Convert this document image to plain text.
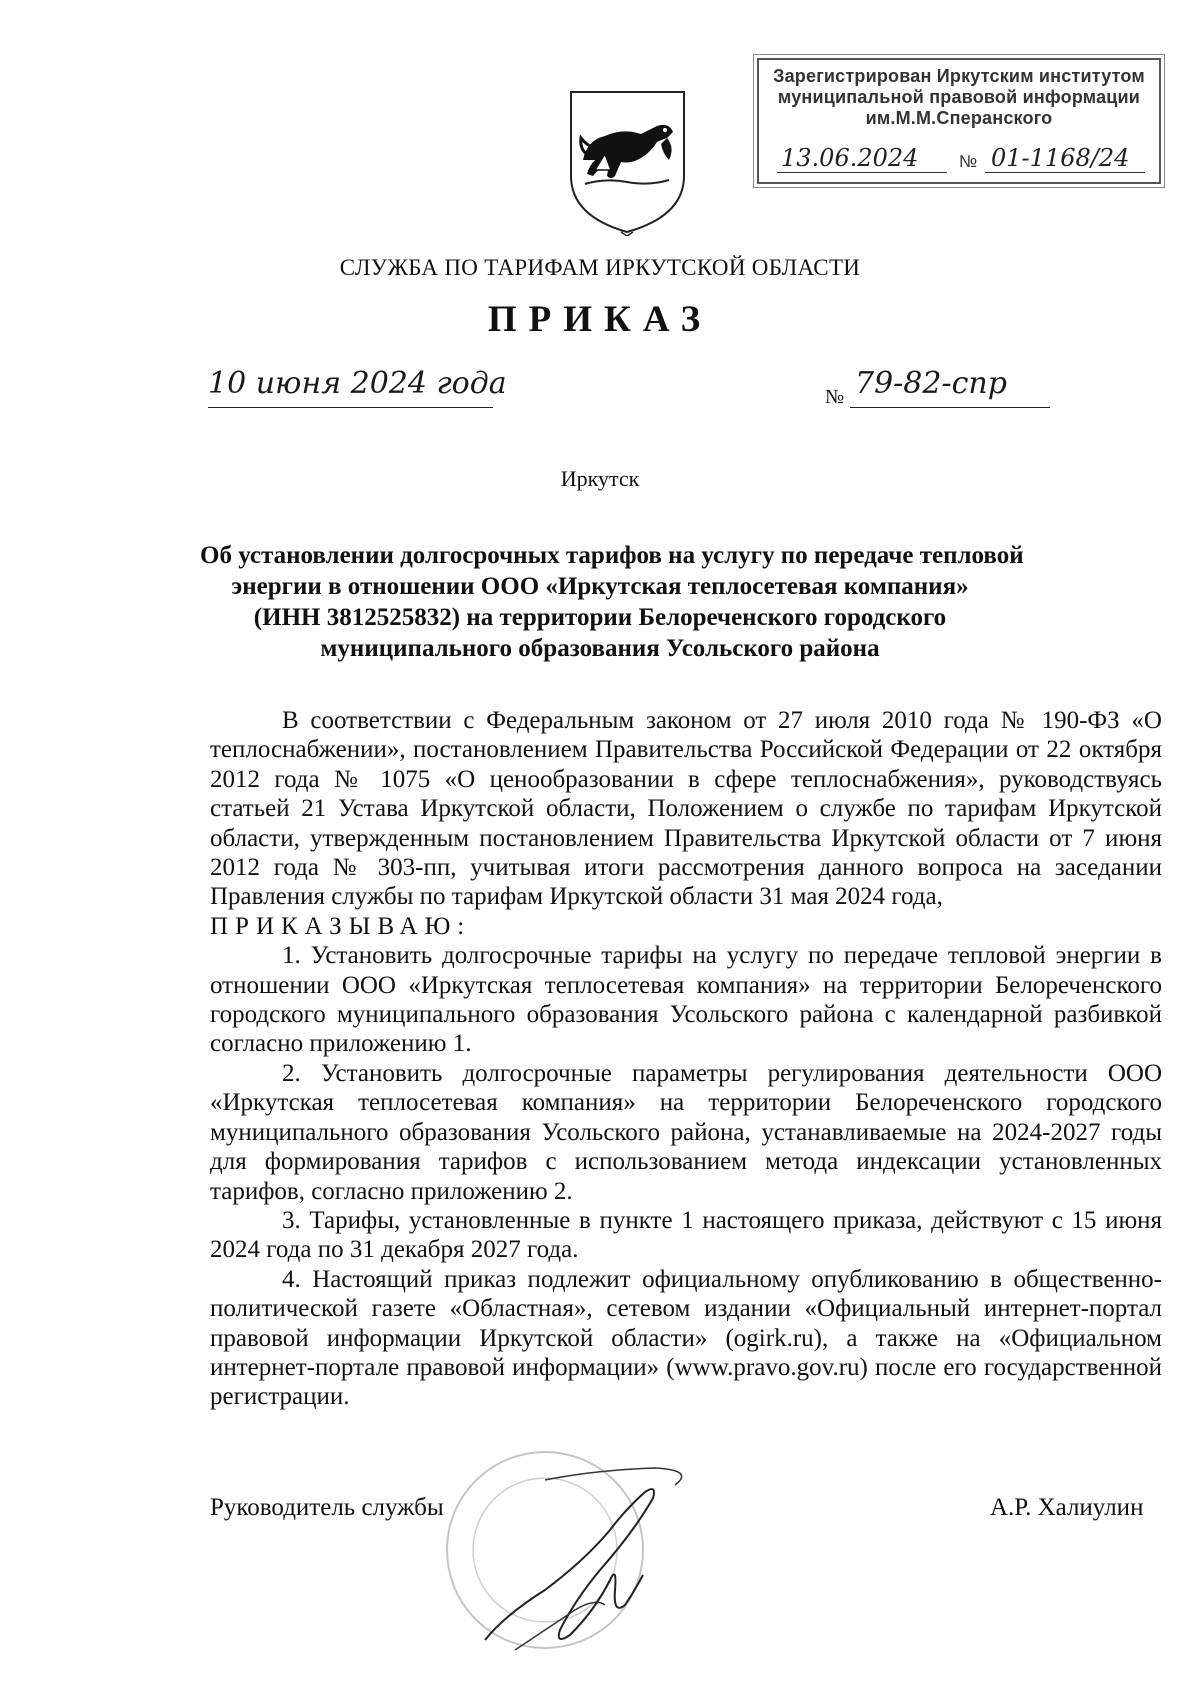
Зарегистрирован Иркутским институтом
муниципальной правовой информации
им.М.М.Сперанского
13.06.2024 № 01-1168/24
СЛУЖБА ПО ТАРИФАМ ИРКУТСКОЙ ОБЛАСТИ
ПРИКАЗ
10 июня 2024 года	№ 79-82-спр
Иркутск
Об установлении долгосрочных тарифов на услугу по передаче тепловой
энергии в отношении ООО «Иркутская теплосетевая компания»
(ИНН 3812525832) на территории Белореченского городского
муниципального образования Усольского района

В соответствии с Федеральным законом от 27 июля 2010 года № 190-ФЗ «О теплоснабжении», постановлением Правительства Российской Федерации от 22 октября 2012 года № 1075 «О ценообразовании в сфере теплоснабжения», руководствуясь статьей 21 Устава Иркутской области, Положением о службе по тарифам Иркутской области, утвержденным постановлением Правительства Иркутской области от 7 июня 2012 года № 303-пп, учитывая итоги рассмотрения данного вопроса на заседании Правления службы по тарифам Иркутской области 31 мая 2024 года,

ПРИКАЗЫВАЮ:

1. Установить долгосрочные тарифы на услугу по передаче тепловой энергии в отношении ООО «Иркутская теплосетевая компания» на территории Белореченского городского муниципального образования Усольского района с календарной разбивкой согласно приложению 1.

2. Установить долгосрочные параметры регулирования деятельности ООО «Иркутская теплосетевая компания» на территории Белореченского городского муниципального образования Усольского района, устанавливаемые на 2024-2027 годы для формирования тарифов с использованием метода индексации установленных тарифов, согласно приложению 2.

3. Тарифы, установленные в пункте 1 настоящего приказа, действуют с 15 июня 2024 года по 31 декабря 2027 года.

4. Настоящий приказ подлежит официальному опубликованию в общественно-политической газете «Областная», сетевом издании «Официальный интернет-портал правовой информации Иркутской области» (ogirk.ru), а также на «Официальном интернет-портале правовой информации» (www.pravo.gov.ru) после его государственной регистрации.

Руководитель службы	А.Р. Халиулин
